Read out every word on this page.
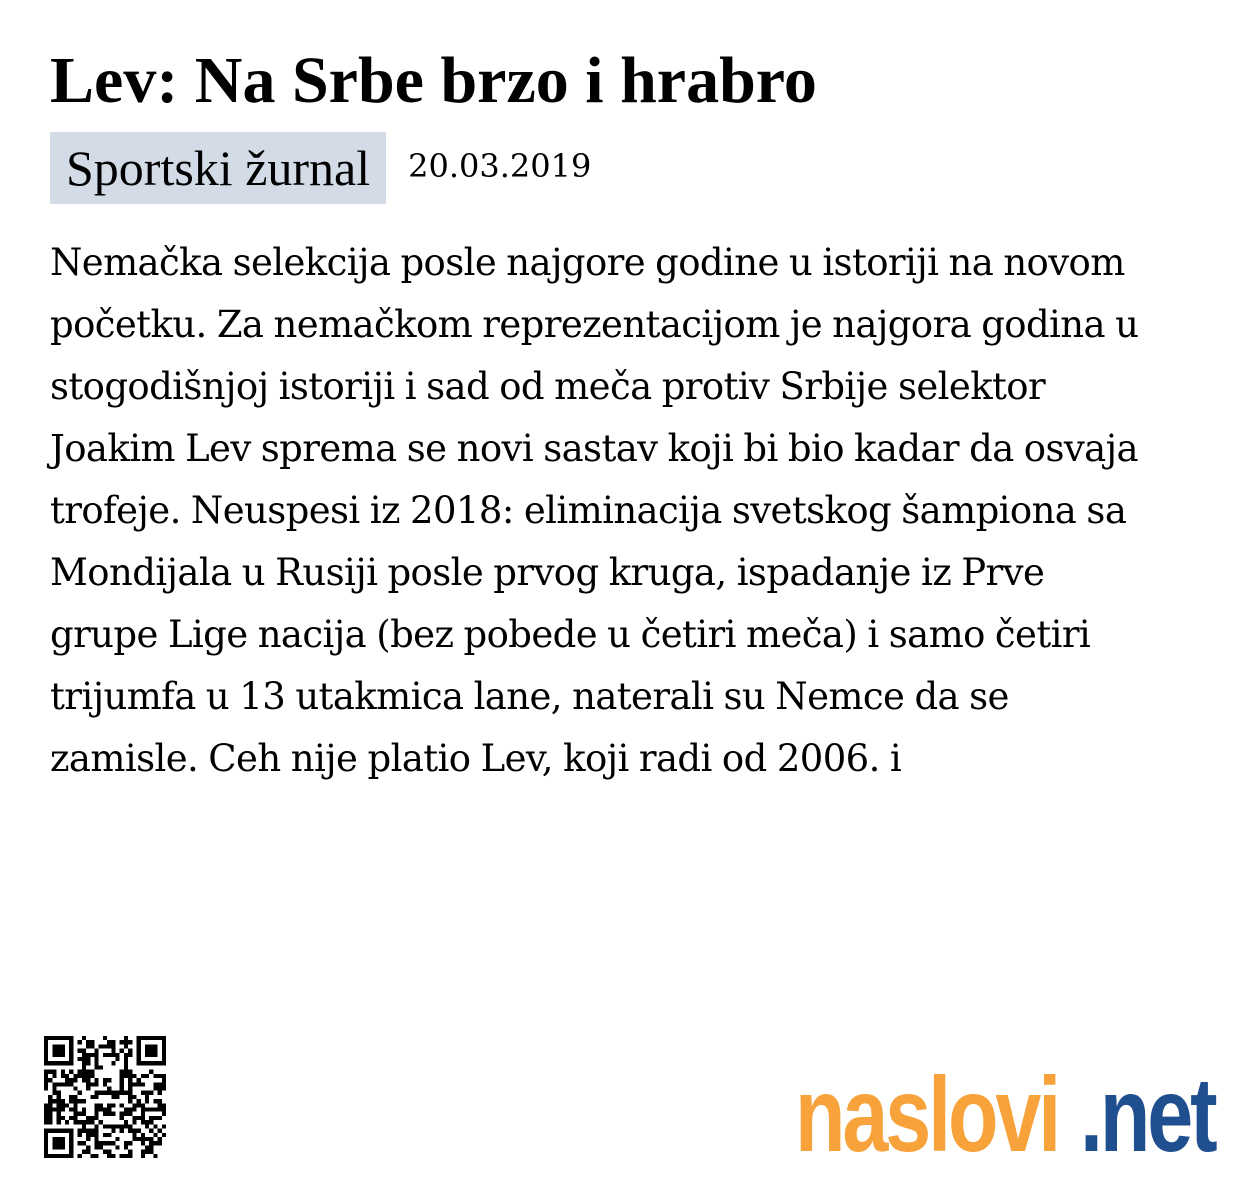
Lev: Na Srbe brzo i hrabro
Sportski žurnal	20.03.2019

Nemačka selekcija posle najgore godine u istoriji na novom početku. Za nemačkom reprezentacijom je najgora godina u stogodišnjoj istoriji i sad od meča protiv Srbije selektor Joakim Lev sprema se novi sastav koji bi bio kadar da osvaja trofeje. Neuspesi iz 2018: eliminacija svetskog šampiona sa Mondijala u Rusiji posle prvog kruga, ispadanje iz Prve grupe Lige nacija (bez pobede u četiri meča) i samo četiri trijumfa u 13 utakmica lane, naterali su Nemce da se zamisle. Ceh nije platio Lev, koji radi od 2006. i

naslovi .net
